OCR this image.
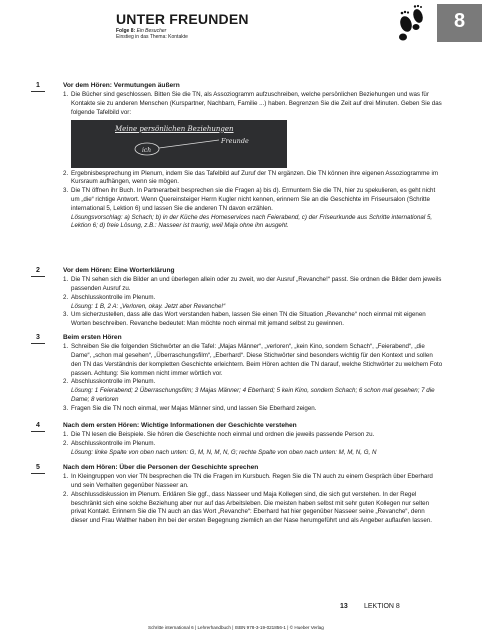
UNTER FREUNDEN
Folge 8: Ein Besucher
Einstieg in das Thema: Kontakte
8
1	Vor dem Hören: Vermutungen äußern
1. Die Bücher sind geschlossen. Bitten Sie die TN, als Assoziogramm aufzuschreiben, welche persönlichen Beziehungen und was für Kontakte sie zu anderen Menschen (Kurspartner, Nachbarn, Familie ...) haben. Begrenzen Sie die Zeit auf drei Minuten. Geben Sie das folgende Tafelbild vor:
Meine persönlichen Beziehungen
ich
Freunde
2. Ergebnisbesprechung im Plenum, indem Sie das Tafelbild auf Zuruf der TN ergänzen. Die TN können ihre eigenen Assoziogramme im Kursraum aufhängen, wenn sie mögen.
3. Die TN öffnen ihr Buch. In Partnerarbeit besprechen sie die Fragen a) bis d). Ermuntern Sie die TN, hier zu spekulieren, es geht nicht um „die“ richtige Antwort. Wenn Quereinsteiger Herrn Kugler nicht kennen, erinnern Sie an die Geschichte im Friseursalon (Schritte international 5, Lektion 6) und lassen Sie die anderen TN davon erzählen.
Lösungsvorschlag: a) Schach; b) in der Küche des Homeservices nach Feierabend, c) der Friseurkunde aus Schritte international 5, Lektion 6; d) freie Lösung, z.B.: Nasseer ist traurig, weil Maja ohne ihn ausgeht.
2	Vor dem Hören: Eine Worterklärung
1. Die TN sehen sich die Bilder an und überlegen allein oder zu zweit, wo der Ausruf „Revanche!“ passt. Sie ordnen die Bilder dem jeweils passenden Ausruf zu.
2. Abschlusskontrolle im Plenum.
Lösung: 1 B, 2 A: „Verloren, okay. Jetzt aber Revanche!“
3. Um sicherzustellen, dass alle das Wort verstanden haben, lassen Sie einen TN die Situation „Revanche“ noch einmal mit eigenen Worten beschreiben. Revanche bedeutet: Man möchte noch einmal mit jemand selbst zu gewinnen.
3	Beim ersten Hören
1. Schreiben Sie die folgenden Stichwörter an die Tafel: „Majas Männer“, „verloren“, „kein Kino, sondern Schach“, „Feierabend“, „die Dame“, „schon mal gesehen“, „Überraschungsfilm“, „Eberhard“. Diese Stichwörter sind besonders wichtig für den Kontext und sollen den TN das Verständnis der kompletten Geschichte erleichtern. Beim Hören achten die TN darauf, welche Stichwörter zu welchem Foto passen. Achtung: Sie kommen nicht immer wörtlich vor.
2. Abschlusskontrolle im Plenum.
Lösung: 1 Feierabend; 2 Überraschungsfilm; 3 Majas Männer; 4 Eberhard; 5 kein Kino, sondern Schach; 6 schon mal gesehen; 7 die Dame; 8 verloren
3. Fragen Sie die TN noch einmal, wer Majas Männer sind, und lassen Sie Eberhard zeigen.
4	Nach dem ersten Hören: Wichtige Informationen der Geschichte verstehen
1. Die TN lesen die Beispiele. Sie hören die Geschichte noch einmal und ordnen die jeweils passende Person zu.
2. Abschlusskontrolle im Plenum.
Lösung: linke Spalte von oben nach unten: G, M, N, M, N, G; rechte Spalte von oben nach unten: M, M, N, G, N
5	Nach dem Hören: Über die Personen der Geschichte sprechen
1. In Kleingruppen von vier TN besprechen die TN die Fragen im Kursbuch. Regen Sie die TN auch zu einem Gespräch über Eberhard und sein Verhalten gegenüber Nasseer an.
2. Abschlussdiskussion im Plenum. Erklären Sie ggf., dass Nasseer und Maja Kollegen sind, die sich gut verstehen. In der Regel beschränkt sich eine solche Beziehung aber nur auf das Arbeitsleben. Die meisten haben selbst mit sehr guten Kollegen nur selten privat Kontakt. Erinnern Sie die TN auch an das Wort „Revanche“: Eberhard hat hier gegenüber Nasseer seine „Revanche“, denn dieser und Frau Walther haben ihn bei der ersten Begegnung ziemlich an der Nase herumgeführt und als Angeber auflaufen lassen.
13 LEKTION 8
Schritte international 6 | Lehrerhandbuch | ISBN 978-3-19-021856-1 | © Hueber Verlag
